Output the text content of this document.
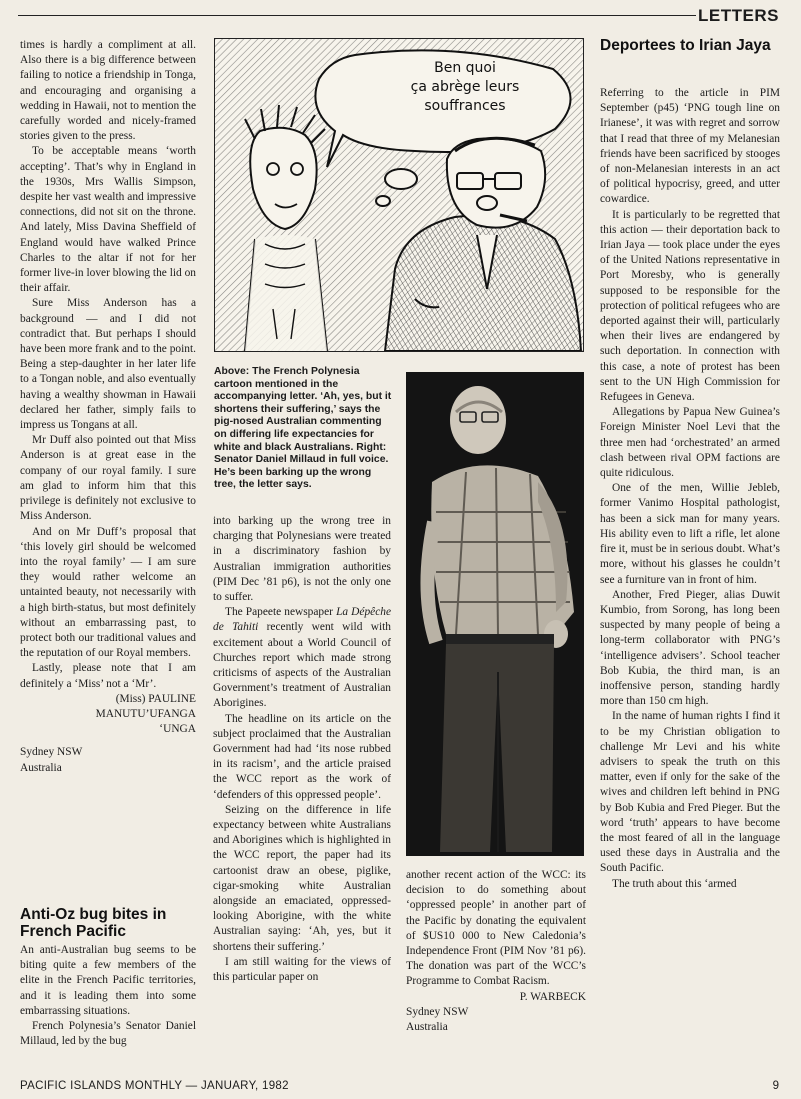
LETTERS

times is hardly a compliment at all. Also there is a big difference between failing to notice a friendship in Tonga, and encouraging and organising a wedding in Hawaii, not to mention the carefully worded and nicely-framed stories given to the press.

To be acceptable means ‘worth accepting’. That’s why in England in the 1930s, Mrs Wallis Simpson, despite her vast wealth and impressive connections, did not sit on the throne. And lately, Miss Davina Sheffield of England would have walked Prince Charles to the altar if not for her former live-in lover blowing the lid on their affair.

Sure Miss Anderson has a background — and I did not contradict that. But perhaps I should have been more frank and to the point. Being a step-daughter in her later life to a Tongan noble, and also eventually having a wealthy showman in Hawaii declared her father, simply fails to impress us Tongans at all.

Mr Duff also pointed out that Miss Anderson is at great ease in the company of our royal family. I sure am glad to inform him that this privilege is definitely not exclusive to Miss Anderson.

And on Mr Duff’s proposal that ‘this lovely girl should be welcomed into the royal family’ — I am sure they would rather welcome an untainted beauty, not necessarily with a high birth-status, but most definitely without an embarrassing past, to protect both our traditional values and the reputation of our Royal members.

Lastly, please note that I am definitely a ‘Miss’ not a ‘Mr’.

(Miss) PAULINE

MANUTU’UFANGA

‘UNGA

Sydney NSW

Australia

Anti-Oz bug bites in French Pacific

An anti-Australian bug seems to be biting quite a few members of the elite in the French Pacific territories, and it is leading them into some embarrassing situations.

French Polynesia’s Senator Daniel Millaud, led by the bug

Ben quoi
ça abrège leurs
souffrances
Above: The French Polynesia cartoon mentioned in the accompanying letter. ‘Ah, yes, but it shortens their suffering,’ says the pig-nosed Australian commenting on differing life expectancies for white and black Australians. Right: Senator Daniel Millaud in full voice. He’s been barking up the wrong tree, the letter says.

into barking up the wrong tree in charging that Polynesians were treated in a discriminatory fashion by Australian immigration authorities (PIM Dec ’81 p6), is not the only one to suffer.

The Papeete newspaper La Dépêche de Tahiti recently went wild with excitement about a World Council of Churches report which made strong criticisms of aspects of the Australian Government’s treatment of Australian Aborigines.

The headline on its article on the subject proclaimed that the Australian Government had had ‘its nose rubbed in its racism’, and the article praised the WCC report as the work of ‘defenders of this oppressed people’.

Seizing on the difference in life expectancy between white Australians and Aborigines which is highlighted in the WCC report, the paper had its cartoonist draw an obese, piglike, cigar-smoking white Australian alongside an emaciated, oppressed-looking Aborigine, with the white Australian saying: ‘Ah, yes, but it shortens their suffering.’

I am still waiting for the views of this particular paper on

another recent action of the WCC: its decision to do something about ‘oppressed people’ in another part of the Pacific by donating the equivalent of $US10 000 to New Caledonia’s Independence Front (PIM Nov ’81 p6). The donation was part of the WCC’s Programme to Combat Racism.

P. WARBECK

Sydney NSW

Australia

Deportees to Irian Jaya

Referring to the article in PIM September (p45) ‘PNG tough line on Irianese’, it was with regret and sorrow that I read that three of my Melanesian friends have been sacrificed by stooges of non-Melanesian interests in an act of political hypocrisy, greed, and utter cowardice.

It is particularly to be regretted that this action — their deportation back to Irian Jaya — took place under the eyes of the United Nations representative in Port Moresby, who is generally supposed to be responsible for the protection of political refugees who are deported against their will, particularly when their lives are endangered by such deportation. In connection with this case, a note of protest has been sent to the UN High Commission for Refugees in Geneva.

Allegations by Papua New Guinea’s Foreign Minister Noel Levi that the three men had ‘orchestrated’ an armed clash between rival OPM factions are quite ridiculous.

One of the men, Willie Jebleb, former Vanimo Hospital pathologist, has been a sick man for many years. His ability even to lift a rifle, let alone fire it, must be in serious doubt. What’s more, without his glasses he couldn’t see a furniture van in front of him.

Another, Fred Pieger, alias Duwit Kumbio, from Sorong, has long been suspected by many people of being a long-term collaborator with PNG’s ‘intelligence advisers’. School teacher Bob Kubia, the third man, is an inoffensive person, standing hardly more than 150 cm high.

In the name of human rights I find it to be my Christian obligation to challenge Mr Levi and his white advisers to speak the truth on this matter, even if only for the sake of the wives and children left behind in PNG by Bob Kubia and Fred Pieger. But the word ‘truth’ appears to have become the most feared of all in the language used these days in Australia and the South Pacific.

The truth about this ‘armed

PACIFIC ISLANDS MONTHLY — JANUARY, 1982	9
